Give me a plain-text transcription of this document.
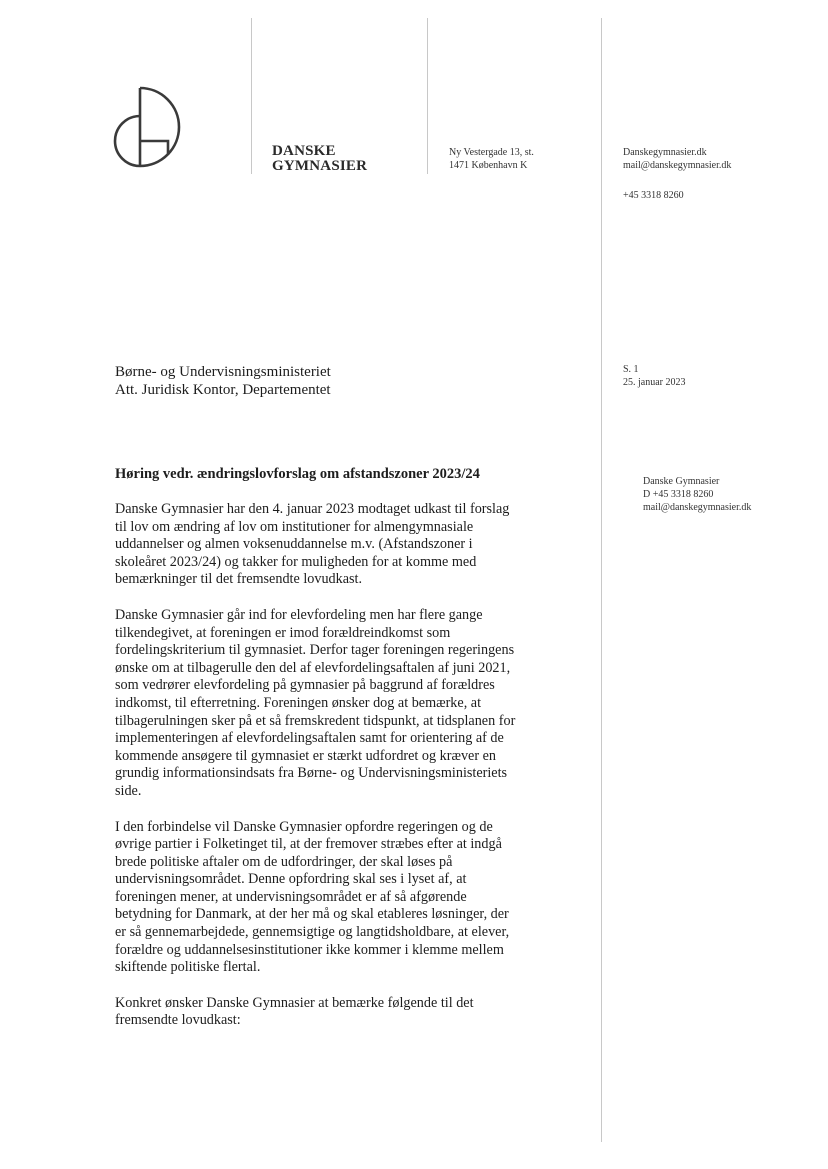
DANSKE
GYMNASIER
Ny Vestergade 13, st.
1471 København K
Danskegymnasier.dk
mail@danskegymnasier.dk
+45 3318 8260
Børne- og Undervisningsministeriet
Att. Juridisk Kontor, Departementet
S. 1
25. januar 2023
Danske Gymnasier
D +45 3318 8260
mail@danskegymnasier.dk
Høring vedr. ændringslovforslag om afstandszoner 2023/24

Danske Gymnasier har den 4. januar 2023 modtaget udkast til forslag
til lov om ændring af lov om institutioner for almengymnasiale
uddannelser og almen voksenuddannelse m.v. (Afstandszoner i
skoleåret 2023/24) og takker for muligheden for at komme med
bemærkninger til det fremsendte lovudkast.

Danske Gymnasier går ind for elevfordeling men har flere gange
tilkendegivet, at foreningen er imod forældreindkomst som
fordelingskriterium til gymnasiet. Derfor tager foreningen regeringens
ønske om at tilbagerulle den del af elevfordelingsaftalen af juni 2021,
som vedrører elevfordeling på gymnasier på baggrund af forældres
indkomst, til efterretning. Foreningen ønsker dog at bemærke, at
tilbagerulningen sker på et så fremskredent tidspunkt, at tidsplanen for
implementeringen af elevfordelingsaftalen samt for orientering af de
kommende ansøgere til gymnasiet er stærkt udfordret og kræver en
grundig informationsindsats fra Børne- og Undervisningsministeriets
side.

I den forbindelse vil Danske Gymnasier opfordre regeringen og de
øvrige partier i Folketinget til, at der fremover stræbes efter at indgå
brede politiske aftaler om de udfordringer, der skal løses på
undervisningsområdet. Denne opfordring skal ses i lyset af, at
foreningen mener, at undervisningsområdet er af så afgørende
betydning for Danmark, at der her må og skal etableres løsninger, der
er så gennemarbejdede, gennemsigtige og langtidsholdbare, at elever,
forældre og uddannelsesinstitutioner ikke kommer i klemme mellem
skiftende politiske flertal.

Konkret ønsker Danske Gymnasier at bemærke følgende til det
fremsendte lovudkast:
